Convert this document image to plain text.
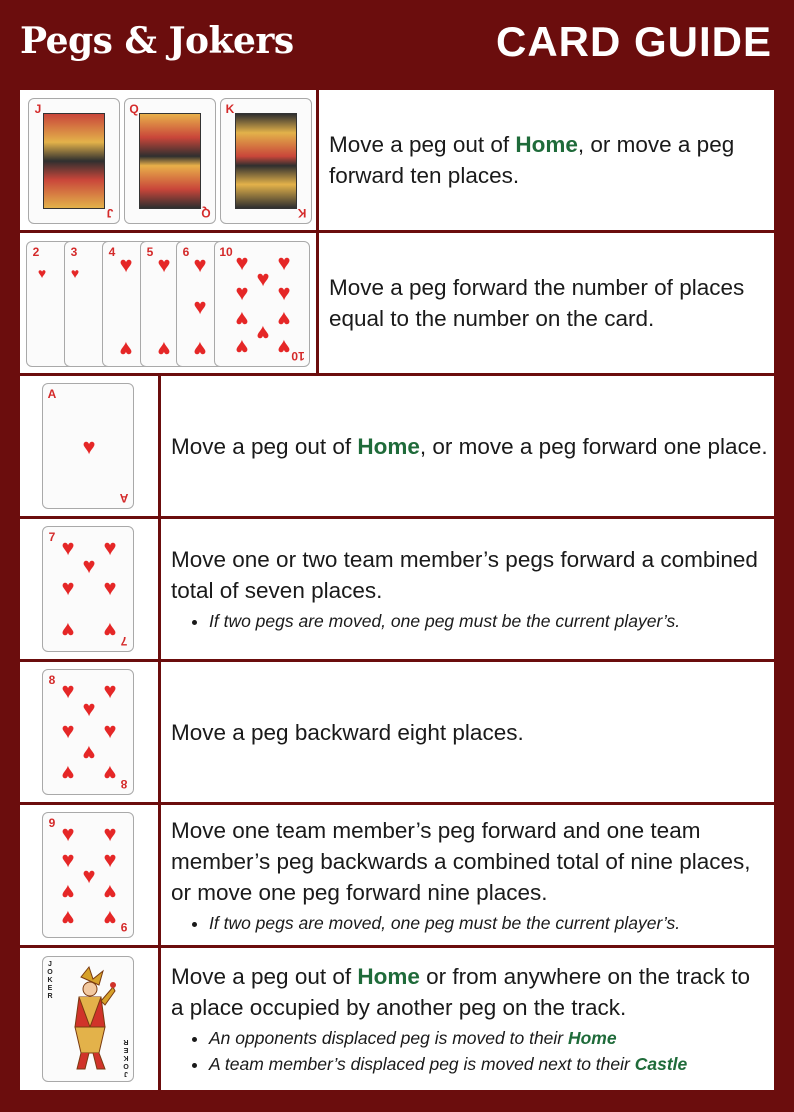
Pegs & Jokers	CARD GUIDE
J
J
Q
Q
K
K
Move a peg out of Home, or move a peg forward ten places.
2
♥
3
♥
4 ♥
♥
5 ♥
♥
6 ♥
♥
♥
10
10
♥ ♥
♥
♥ ♥
♥ ♥
♥
♥ ♥
Move a peg forward the number of places equal to the number on the card.
A
A
♥	Move a peg out of Home, or move a peg forward one place.
7
7
♥ ♥
♥
♥ ♥
♥ ♥
Move one or two team member’s pegs forward a combined total of seven places.
• If two pegs are moved, one peg must be the current player’s.
8
8
♥ ♥
♥
♥ ♥
♥
♥ ♥
Move a peg backward eight places.
9
9
♥ ♥
♥ ♥
♥
♥ ♥
♥ ♥
Move one team member’s peg forward and one team member’s peg backwards a combined total of nine places, or move one peg forward nine places.
• If two pegs are moved, one peg must be the current player’s.
JOKER
JOKER
Move a peg out of Home or from anywhere on the track to a place occupied by another peg on the track.
• An opponents displaced peg is moved to their Home
• A team member’s displaced peg is moved next to their Castle
